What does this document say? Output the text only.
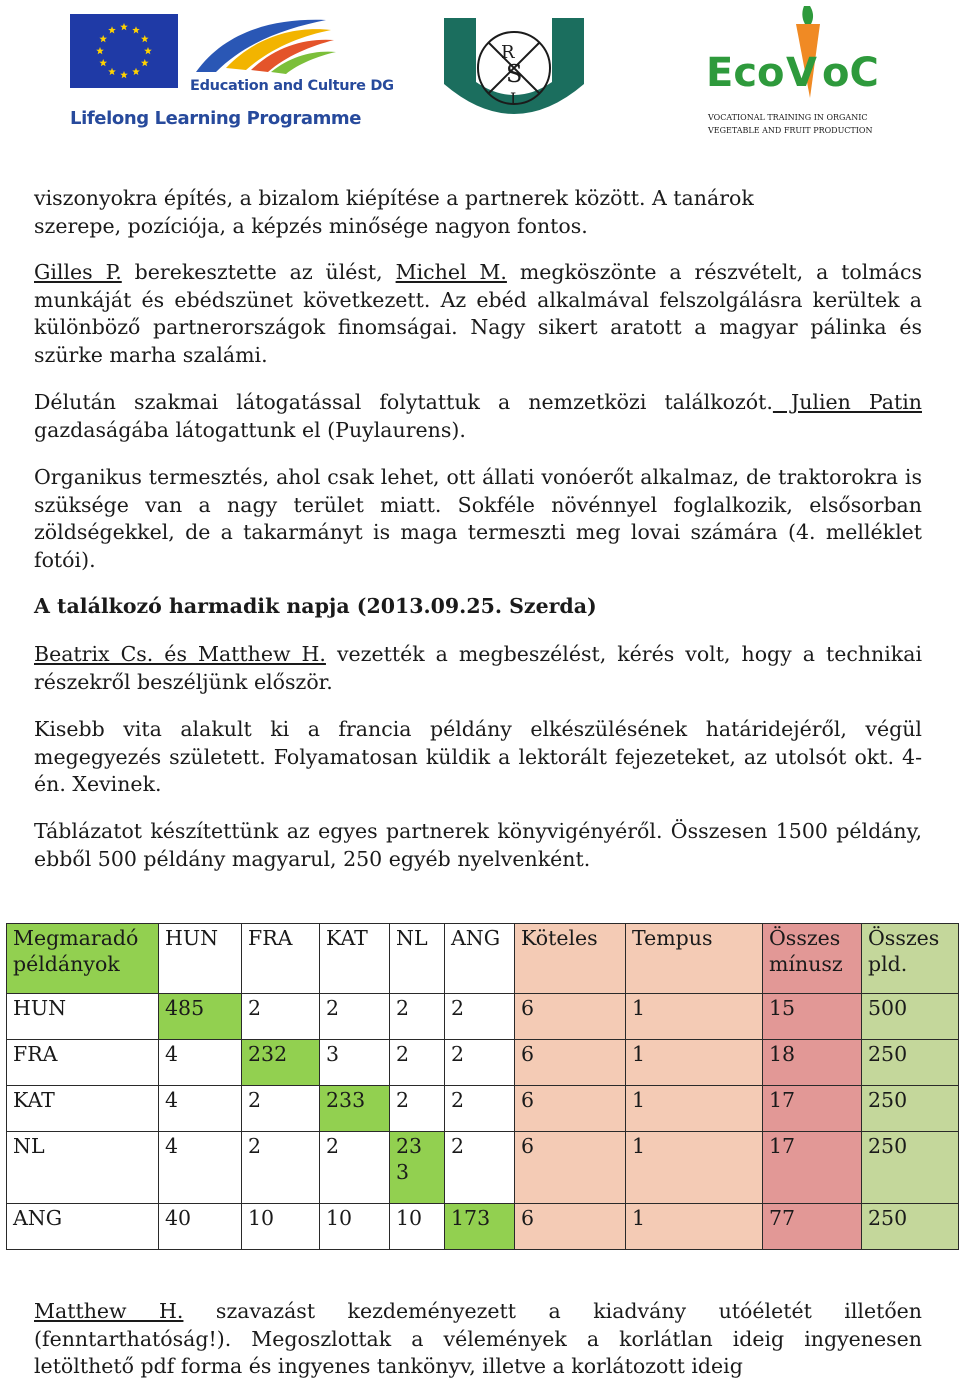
Education and Culture DG
Lifelong Learning Programme
R
S
I
Eco V oC
VOCATIONAL TRAINING IN ORGANIC
VEGETABLE AND FRUIT PRODUCTION

viszonyokra építés, a bizalom kiépítése a partnerek között. A tanárok
szerepe, pozíciója, a képzés minősége nagyon fontos.

Gilles P. berekesztette az ülést, Michel M. megköszönte a részvételt, a tolmács munkáját és ebédszünet következett. Az ebéd alkalmával felszolgálásra kerültek a különböző partnerországok finomságai. Nagy sikert aratott a magyar pálinka és szürke marha szalámi.

Délután szakmai látogatással folytattuk a nemzetközi találkozót. Julien Patin gazdaságába látogattunk el (Puylaurens).

Organikus termesztés, ahol csak lehet, ott állati vonóerőt alkalmaz, de traktorokra is szüksége van a nagy terület miatt. Sokféle növénnyel foglalkozik, elsősorban zöldségekkel, de a takarmányt is maga termeszti meg lovai számára (4. melléklet fotói).

A találkozó harmadik napja (2013.09.25. Szerda)

Beatrix Cs. és Matthew H. vezették a megbeszélést, kérés volt, hogy a technikai részekről beszéljünk először.

Kisebb vita alakult ki a francia példány elkészülésének határidejéről, végül megegyezés született. Folyamatosan küldik a lektorált fejezeteket, az utolsót okt. 4-én. Xevinek.

Táblázatot készítettünk az egyes partnerek könyvigényéről. Összesen 1500 példány, ebből 500 példány magyarul, 250 egyéb nyelvenként.

Megmaradó példányok	HUN	FRA	KAT	NL	ANG	Köteles	Tempus	Összes mínusz	Összes pld.
HUN	485	2	2	2	2	6	1	15	500
FRA	4	232	3	2	2	6	1	18	250
KAT	4	2	233	2	2	6	1	17	250
NL	4	2	2	23 3	2	6	1	17	250
ANG	40	10	10	10	173	6	1	77	250

Matthew H. szavazást kezdeményezett a kiadvány utóéletét illetően (fenntarthatóság!). Megoszlottak a vélemények a korlátlan ideig ingyenesen letölthető pdf forma és ingyenes tankönyv, illetve a korlátozott ideig
